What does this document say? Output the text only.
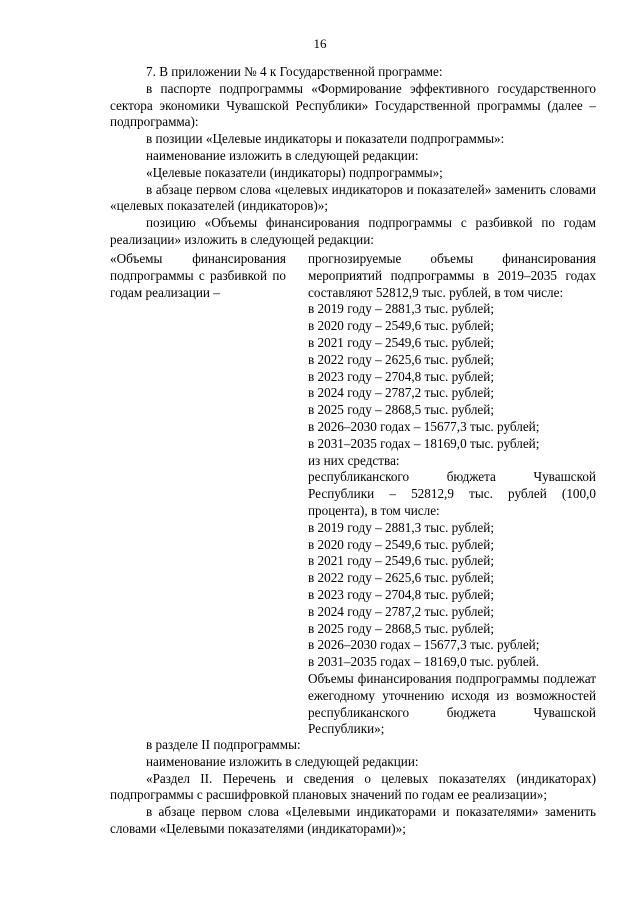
16

7. В приложении № 4 к Государственной программе:

в паспорте подпрограммы «Формирование эффективного государственного сектора экономики Чувашской Республики» Государственной программы (далее – подпрограмма):

в позиции «Целевые индикаторы и показатели подпрограммы»:

наименование изложить в следующей редакции:

«Целевые показатели (индикаторы) подпрограммы»;

в абзаце первом слова «целевых индикаторов и показателей» заменить словами «целевых показателей (индикаторов)»;

позицию «Объемы финансирования подпрограммы с разбивкой по годам реализации» изложить в следующей редакции:

«Объемы финансирования подпрограммы с разбивкой по годам реализации –

прогнозируемые объемы финансирования мероприятий подпрограммы в 2019–2035 годах составляют 52812,9 тыс. рублей, в том числе:

в 2019 году – 2881,3 тыс. рублей;

в 2020 году – 2549,6 тыс. рублей;

в 2021 году – 2549,6 тыс. рублей;

в 2022 году – 2625,6 тыс. рублей;

в 2023 году – 2704,8 тыс. рублей;

в 2024 году – 2787,2 тыс. рублей;

в 2025 году – 2868,5 тыс. рублей;

в 2026–2030 годах – 15677,3 тыс. рублей;

в 2031–2035 годах – 18169,0 тыс. рублей;

из них средства:

республиканского бюджета Чувашской Республики – 52812,9 тыс. рублей (100,0 процента), в том числе:

в 2019 году – 2881,3 тыс. рублей;

в 2020 году – 2549,6 тыс. рублей;

в 2021 году – 2549,6 тыс. рублей;

в 2022 году – 2625,6 тыс. рублей;

в 2023 году – 2704,8 тыс. рублей;

в 2024 году – 2787,2 тыс. рублей;

в 2025 году – 2868,5 тыс. рублей;

в 2026–2030 годах – 15677,3 тыс. рублей;

в 2031–2035 годах – 18169,0 тыс. рублей.

Объемы финансирования подпрограммы подлежат ежегодному уточнению исходя из возможностей республиканского бюджета Чувашской Республики»;

в разделе II подпрограммы:

наименование изложить в следующей редакции:

«Раздел II. Перечень и сведения о целевых показателях (индикаторах) подпрограммы с расшифровкой плановых значений по годам ее реализации»;

в абзаце первом слова «Целевыми индикаторами и показателями» заменить словами «Целевыми показателями (индикаторами)»;
